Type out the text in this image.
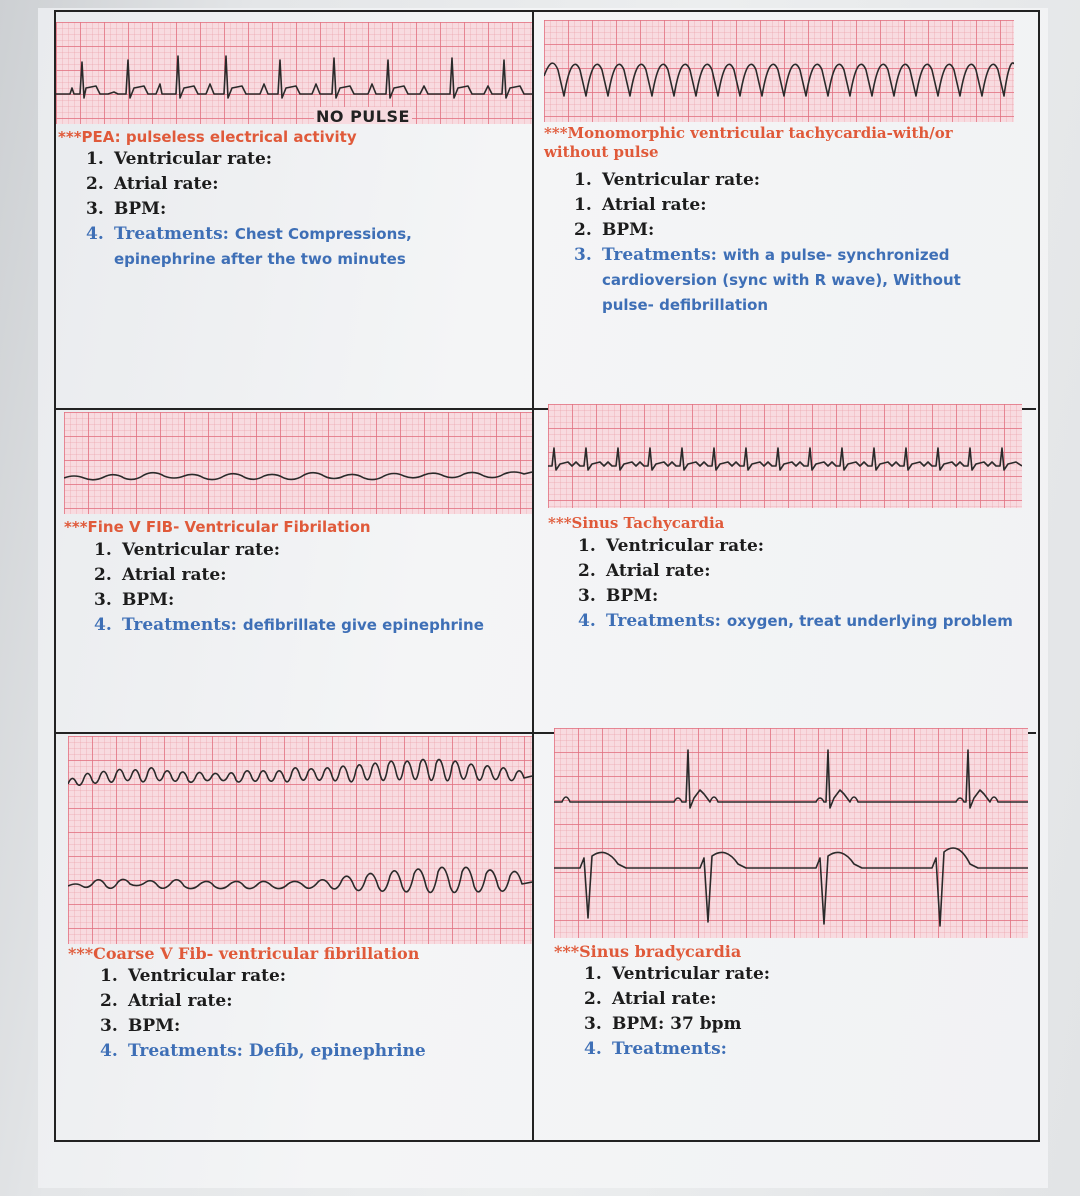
NO PULSE
***PEA: pulseless electrical activity
1. Ventricular rate:
2. Atrial rate:
3. BPM:
4. Treatments: Chest Compressions,
epinephrine after the two minutes
***Monomorphic ventricular tachycardia-with/or without pulse
1. Ventricular rate:
1. Atrial rate:
2. BPM:
3. Treatments: with a pulse- synchronized
cardioversion (sync with R wave), Without
pulse- defibrillation
***Fine V FIB- Ventricular Fibrilation
1. Ventricular rate:
2. Atrial rate:
3. BPM:
4. Treatments: defibrillate give epinephrine
***Sinus Tachycardia
1. Ventricular rate:
2. Atrial rate:
3. BPM:
4. Treatments: oxygen, treat underlying problem
***Coarse V Fib- ventricular fibrillation
1. Ventricular rate:
2. Atrial rate:
3. BPM:
4. Treatments: Defib, epinephrine
***Sinus bradycardia
1. Ventricular rate:
2. Atrial rate:
3. BPM: 37 bpm
4. Treatments:
